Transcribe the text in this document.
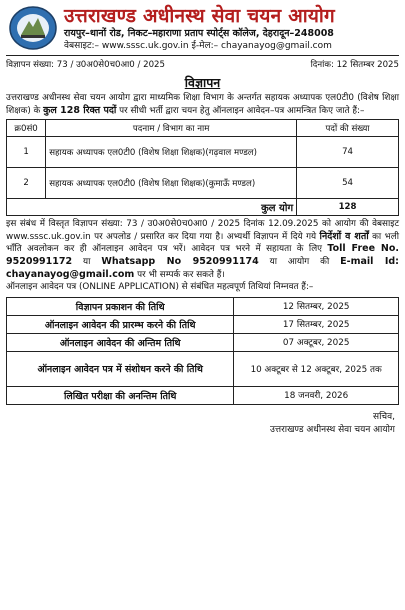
उत्तराखण्ड अधीनस्थ सेवा चयन आयोग
रायपुर–थानों रोड, निकट–महाराणा प्रताप स्पोर्ट्स कॉलेज, देहरादून–248008
वेबसाइट:– www.sssc.uk.gov.in ई-मेल:– chayanayog@gmail.com
विज्ञापन संख्या: 73 / उ0अ0से0च0आ0 / 2025	दिनांक: 12 सितम्बर 2025
विज्ञापन
उत्तराखण्ड अधीनस्थ सेवा चयन आयोग द्वारा माध्यमिक शिक्षा विभाग के अन्तर्गत सहायक अध्यापक एल0टी0 (विशेष शिक्षा शिक्षक) के कुल 128 रिक्त पदों पर सीधी भर्ती द्वारा चयन हेतु ऑनलाइन आवेदन–पत्र आमन्त्रित किए जाते हैं:–
क्र0सं0	पदनाम / विभाग का नाम	पदों की संख्या
1	सहायक अध्यापक एल0टी0 (विशेष शिक्षा शिक्षक)(गढ़वाल मण्डल)	74
2	सहायक अध्यापक एल0टी0 (विशेष शिक्षा शिक्षक)(कुमाऊँ मण्डल)	54
कुल योग		128
इस संबंध में विस्तृत विज्ञापन संख्या: 73 / उ0अ0से0च0आ0 / 2025 दिनांक 12.09.2025 को आयोग की वेबसाइट www.sssc.uk.gov.in पर अपलोड / प्रसारित कर दिया गया है। अभ्यर्थी विज्ञापन में दिये गये निर्देशों व शर्तों का भली भाँति अवलोकन कर ही ऑनलाइन आवेदन पत्र भरें। आवेदन पत्र भरने में सहायता के लिए Toll Free No. 9520991172 या Whatsapp No 9520991174 या आयोग की E-mail Id: chayanayog@gmail.com पर भी सम्पर्क कर सकते हैं।
ऑनलाइन आवेदन पत्र (ONLINE APPLICATION) से संबंधित महत्वपूर्ण तिथियां निम्नवत हैं:–
विज्ञापन प्रकाशन की तिथि	12 सितम्बर, 2025
ऑनलाइन आवेदन की प्रारम्भ करने की तिथि	17 सितम्बर, 2025
ऑनलाइन आवेदन की अन्तिम तिथि	07 अक्टूबर, 2025
ऑनलाइन आवेदन पत्र में संशोधन करने की तिथि	10 अक्टूबर से 12 अक्टूबर, 2025 तक
लिखित परीक्षा की अनन्तिम तिथि	18 जनवरी, 2026
सचिव,
उत्तराखण्ड अधीनस्थ सेवा चयन आयोग
